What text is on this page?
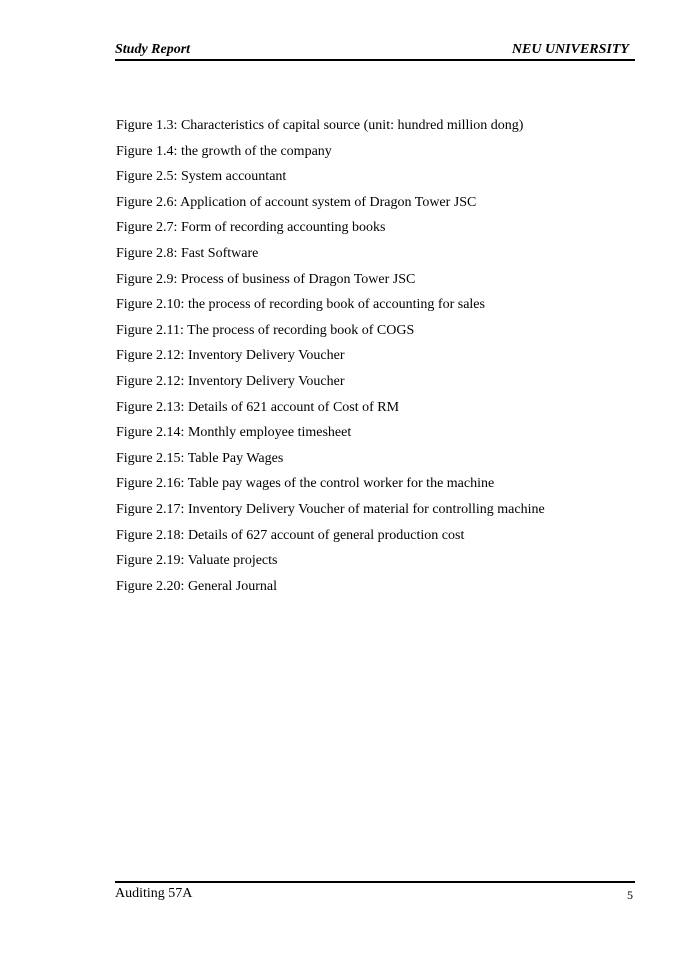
Study Report	NEU UNIVERSITY
Figure 1.3: Characteristics of capital source (unit: hundred million dong)
Figure 1.4: the growth of the company
Figure 2.5: System accountant
Figure 2.6: Application of account system of Dragon Tower JSC
Figure 2.7: Form of recording accounting books
Figure 2.8: Fast Software
Figure 2.9: Process of business of Dragon Tower JSC
Figure 2.10: the process of recording book of accounting for sales
Figure 2.11: The process of recording book of COGS
Figure 2.12: Inventory Delivery Voucher
Figure 2.12: Inventory Delivery Voucher
Figure 2.13: Details of 621 account of Cost of RM
Figure 2.14: Monthly employee timesheet
Figure 2.15: Table Pay Wages
Figure 2.16: Table pay wages of the control worker for the machine
Figure 2.17: Inventory Delivery Voucher of material for controlling machine
Figure 2.18: Details of 627 account of general production cost
Figure 2.19: Valuate projects
Figure 2.20: General Journal
Auditing 57A	5
